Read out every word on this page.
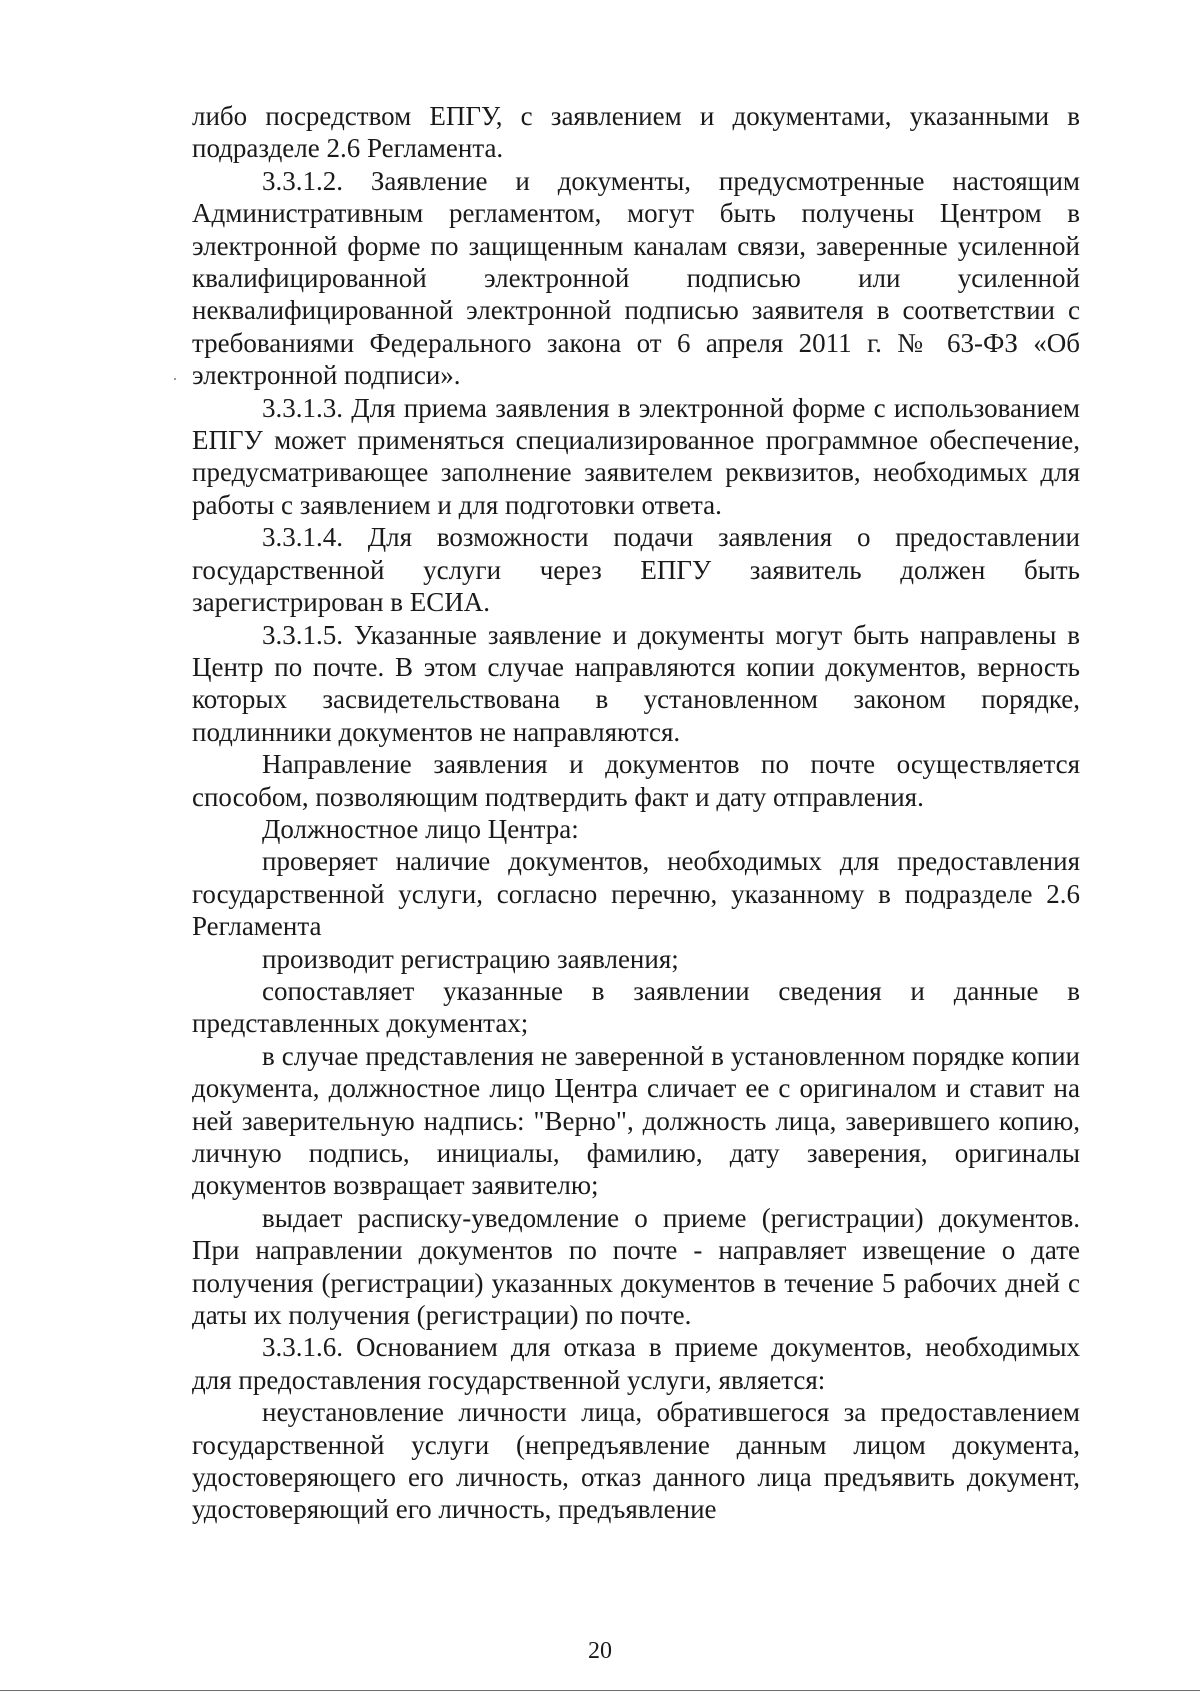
либо посредством ЕПГУ, с заявлением и документами, указанными в подразделе 2.6 Регламента.

3.3.1.2. Заявление и документы, предусмотренные настоящим Административным регламентом, могут быть получены Центром в электронной форме по защищенным каналам связи, заверенные усиленной квалифицированной электронной подписью или усиленной неквалифицированной электронной подписью заявителя в соответствии с требованиями Федерального закона от 6 апреля 2011 г. № 63-ФЗ «Об электронной подписи».

3.3.1.3. Для приема заявления в электронной форме с использованием ЕПГУ может применяться специализированное программное обеспечение, предусматривающее заполнение заявителем реквизитов, необходимых для работы с заявлением и для подготовки ответа.

3.3.1.4. Для возможности подачи заявления о предоставлении государственной услуги через ЕПГУ заявитель должен быть зарегистрирован в ЕСИА.

3.3.1.5. Указанные заявление и документы могут быть направлены в Центр по почте. В этом случае направляются копии документов, верность которых засвидетельствована в установленном законом порядке, подлинники документов не направляются.

Направление заявления и документов по почте осуществляется способом, позволяющим подтвердить факт и дату отправления.

Должностное лицо Центра:

проверяет наличие документов, необходимых для предоставления государственной услуги, согласно перечню, указанному в подразделе 2.6 Регламента

производит регистрацию заявления;

сопоставляет указанные в заявлении сведения и данные в представленных документах;

в случае представления не заверенной в установленном порядке копии документа, должностное лицо Центра сличает ее с оригиналом и ставит на ней заверительную надпись: "Верно", должность лица, заверившего копию, личную подпись, инициалы, фамилию, дату заверения, оригиналы документов возвращает заявителю;

выдает расписку-уведомление о приеме (регистрации) документов. При направлении документов по почте - направляет извещение о дате получения (регистрации) указанных документов в течение 5 рабочих дней с даты их получения (регистрации) по почте.

3.3.1.6. Основанием для отказа в приеме документов, необходимых для предоставления государственной услуги, является:

неустановление личности лица, обратившегося за предоставлением государственной услуги (непредъявление данным лицом документа, удостоверяющего его личность, отказ данного лица предъявить документ, удостоверяющий его личность, предъявление

20
